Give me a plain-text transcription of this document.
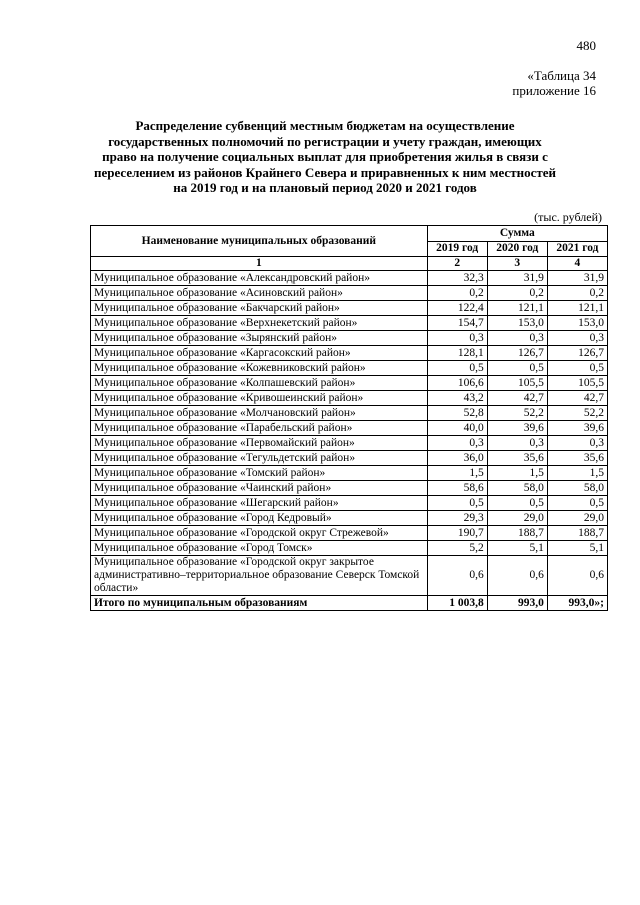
480
«Таблица 34
приложение 16
Распределение субвенций местным бюджетам на осуществление
государственных полномочий по регистрации и учету граждан, имеющих
право на получение социальных выплат для приобретения жилья в связи с
переселением из районов Крайнего Севера и приравненных к ним местностей
на 2019 год и на плановый период 2020 и 2021 годов
(тыс. рублей)
Наименование муниципальных образований	Сумма		
	2019 год	2020 год	2021 год
1	2	3	4
Муниципальное образование «Александровский район»	32,3	31,9	31,9
Муниципальное образование «Асиновский район»	0,2	0,2	0,2
Муниципальное образование «Бакчарский район»	122,4	121,1	121,1
Муниципальное образование «Верхнекетский район»	154,7	153,0	153,0
Муниципальное образование «Зырянский район»	0,3	0,3	0,3
Муниципальное образование «Каргасокский район»	128,1	126,7	126,7
Муниципальное образование «Кожевниковский район»	0,5	0,5	0,5
Муниципальное образование «Колпашевский район»	106,6	105,5	105,5
Муниципальное образование «Кривошеинский район»	43,2	42,7	42,7
Муниципальное образование «Молчановский район»	52,8	52,2	52,2
Муниципальное образование «Парабельский район»	40,0	39,6	39,6
Муниципальное образование «Первомайский район»	0,3	0,3	0,3
Муниципальное образование «Тегульдетский район»	36,0	35,6	35,6
Муниципальное образование «Томский район»	1,5	1,5	1,5
Муниципальное образование «Чаинский район»	58,6	58,0	58,0
Муниципальное образование «Шегарский район»	0,5	0,5	0,5
Муниципальное образование «Город Кедровый»	29,3	29,0	29,0
Муниципальное образование «Городской округ Стрежевой»	190,7	188,7	188,7
Муниципальное образование «Город Томск»	5,2	5,1	5,1
Муниципальное образование «Городской округ закрытое административно–территориальное образование Северск Томской области»	0,6	0,6	0,6
Итого по муниципальным образованиям	1 003,8	993,0	993,0»;
